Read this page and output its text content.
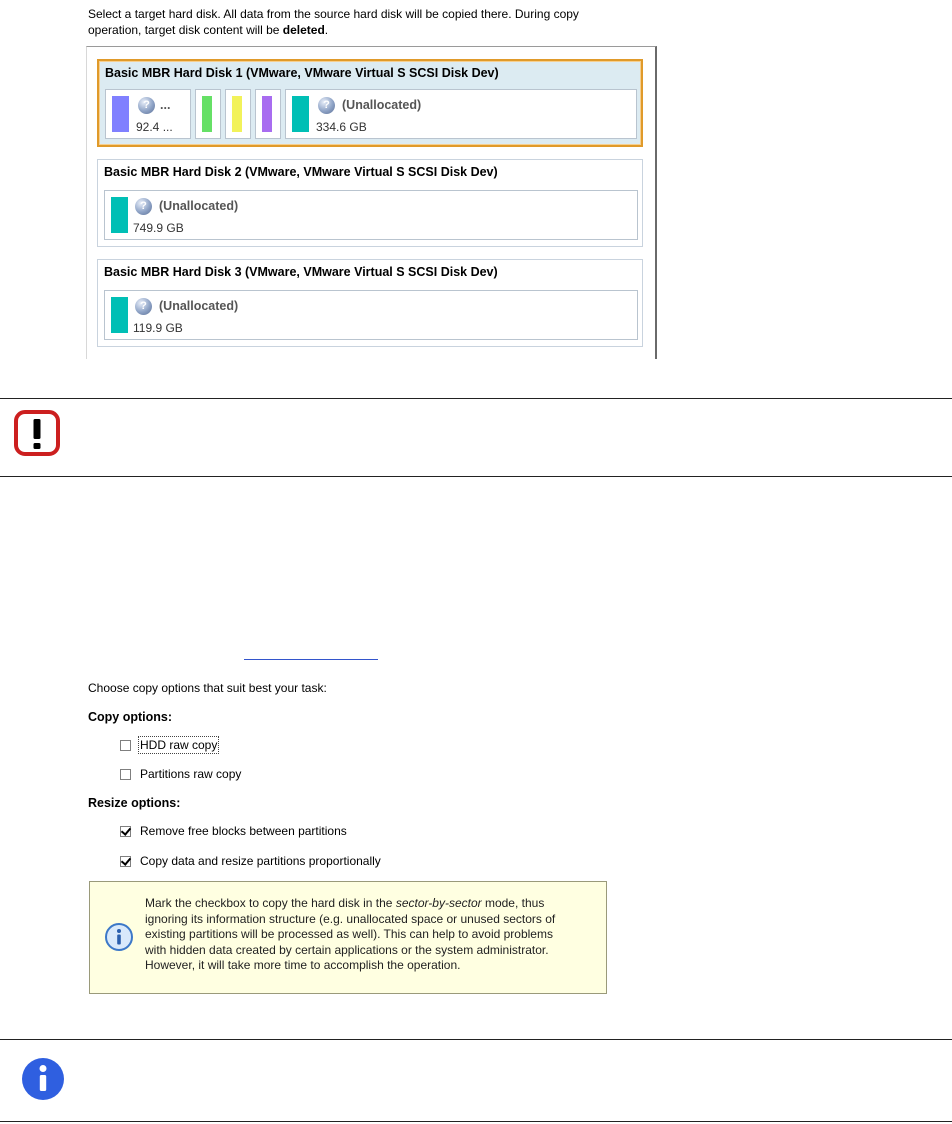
Select a target hard disk. All data from the source hard disk will be copied there. During copy
operation, target disk content will be deleted.
Basic MBR Hard Disk 1 (VMware, VMware Virtual S SCSI Disk Dev)
? ...
92.4 ...
? (Unallocated)
334.6 GB
Basic MBR Hard Disk 2 (VMware, VMware Virtual S SCSI Disk Dev)
? (Unallocated)
749.9 GB
Basic MBR Hard Disk 3 (VMware, VMware Virtual S SCSI Disk Dev)
? (Unallocated)
119.9 GB
Choose copy options that suit best your task:
Copy options:
HDD raw copy
Partitions raw copy
Resize options:
Remove free blocks between partitions
Copy data and resize partitions proportionally
Mark the checkbox to copy the hard disk in the sector-by-sector mode, thus
ignoring its information structure (e.g. unallocated space or unused sectors of
existing partitions will be processed as well). This can help to avoid problems
with hidden data created by certain applications or the system administrator.
However, it will take more time to accomplish the operation.
